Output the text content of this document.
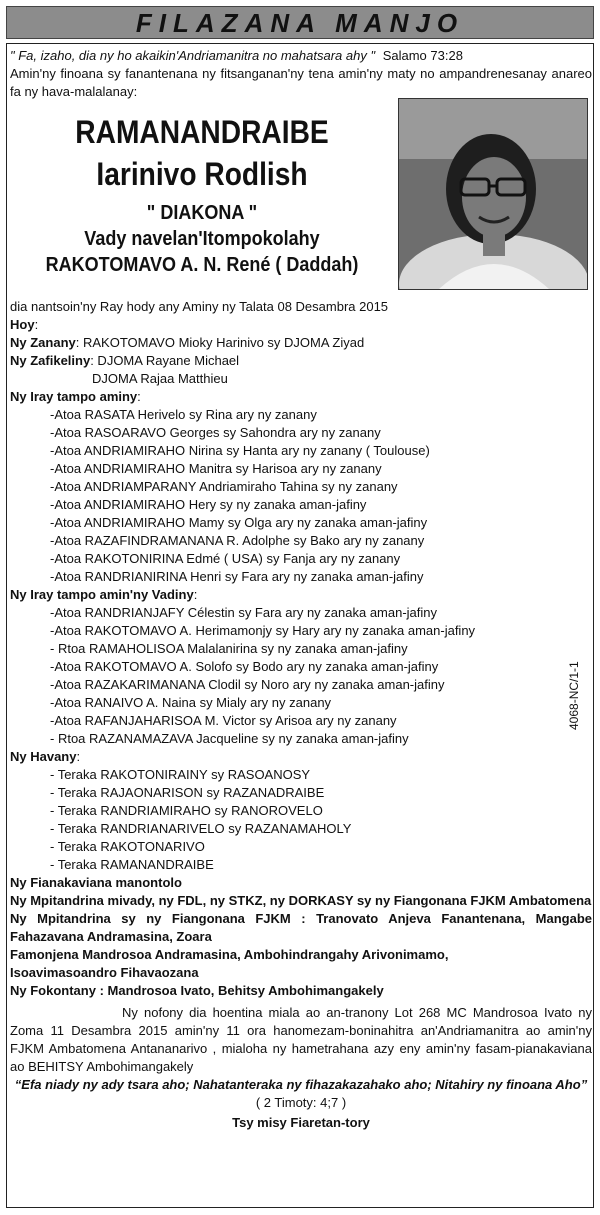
FILAZANA MANJO
" Fa, izaho, dia ny ho akaikin'Andriamanitra no mahatsara ahy " Salamo 73:28
Amin'ny finoana sy fanantenana ny fitsanganan'ny tena amin'ny maty no ampandrenesanay anareo fa ny hava-malalanay:
RAMANANDRAIBE
Iarinivo Rodlish
" DIAKONA "
Vady navelan'Itompokolahy
RAKOTOMAVO A. N. René ( Daddah)
dia nantsoin'ny Ray hody any Aminy ny Talata 08 Desambra 2015
Hoy:
Ny Zanany: RAKOTOMAVO Mioky Harinivo sy DJOMA Ziyad
Ny Zafikeliny: DJOMA Rayane Michael
DJOMA Rajaa Matthieu
Ny Iray tampo aminy:
-Atoa RASATA Herivelo sy Rina ary ny zanany
-Atoa RASOARAVO Georges sy Sahondra ary ny zanany
-Atoa ANDRIAMIRAHO Nirina sy Hanta ary ny zanany ( Toulouse)
-Atoa ANDRIAMIRAHO Manitra sy Harisoa ary ny zanany
-Atoa ANDRIAMPARANY Andriamiraho Tahina sy ny zanany
-Atoa ANDRIAMIRAHO Hery sy ny zanaka aman-jafiny
-Atoa ANDRIAMIRAHO Mamy sy Olga ary ny zanaka aman-jafiny
-Atoa RAZAFINDRAMANANA R. Adolphe sy Bako ary ny zanany
-Atoa RAKOTONIRINA Edmé ( USA) sy Fanja ary ny zanany
-Atoa RANDRIANIRINA Henri sy Fara ary ny zanaka aman-jafiny
Ny Iray tampo amin'ny Vadiny:
-Atoa RANDRIANJAFY Célestin sy Fara ary ny zanaka aman-jafiny
-Atoa RAKOTOMAVO A. Herimamonjy sy Hary ary ny zanaka aman-jafiny
- Rtoa RAMAHOLISOA Malalanirina sy ny zanaka aman-jafiny
-Atoa RAKOTOMAVO A. Solofo sy Bodo ary ny zanaka aman-jafiny
-Atoa RAZAKARIMANANA Clodil sy Noro ary ny zanaka aman-jafiny
-Atoa RANAIVO A. Naina sy Mialy ary ny zanany
-Atoa RAFANJAHARISOA M. Victor sy Arisoa ary ny zanany
- Rtoa RAZANAMAZAVA Jacqueline sy ny zanaka aman-jafiny
Ny Havany:
- Teraka RAKOTONIRAINY sy RASOANOSY
- Teraka RAJAONARISON sy RAZANADRAIBE
- Teraka RANDRIAMIRAHO sy RANOROVELO
- Teraka RANDRIANARIVELO sy RAZANAMAHOLY
- Teraka RAKOTONARIVO
- Teraka RAMANANDRAIBE
Ny Fianakaviana manontolo
Ny Mpitandrina mivady, ny FDL, ny STKZ, ny DORKASY sy ny Fiangonana FJKM Ambatomena
Ny Mpitandrina sy ny Fiangonana FJKM : Tranovato Anjeva Fanantenana, Mangabe Fahazavana Andramasina, Zoara
Famonjena Mandrosoa Andramasina, Ambohindrangahy Arivonimamo,
Isoavimasoandro Fihavaozana
Ny Fokontany : Mandrosoa Ivato, Behitsy Ambohimangakely
Ny nofony dia hoentina miala ao an-tranony Lot 268 MC Mandrosoa Ivato ny Zoma 11 Desambra 2015 amin'ny 11 ora hanomezam-boninahitra an'Andriamanitra ao amin'ny FJKM Ambatomena Antananarivo , mialoha ny hametrahana azy eny amin'ny fasam-pianakaviana ao BEHITSY Ambohimangakely
“Efa niady ny ady tsara aho; Nahatanteraka ny fihazakazahako aho; Nitahiry ny finoana Aho”
( 2 Timoty: 4;7 )
Tsy misy Fiaretan-tory
4068-NC/1-1
